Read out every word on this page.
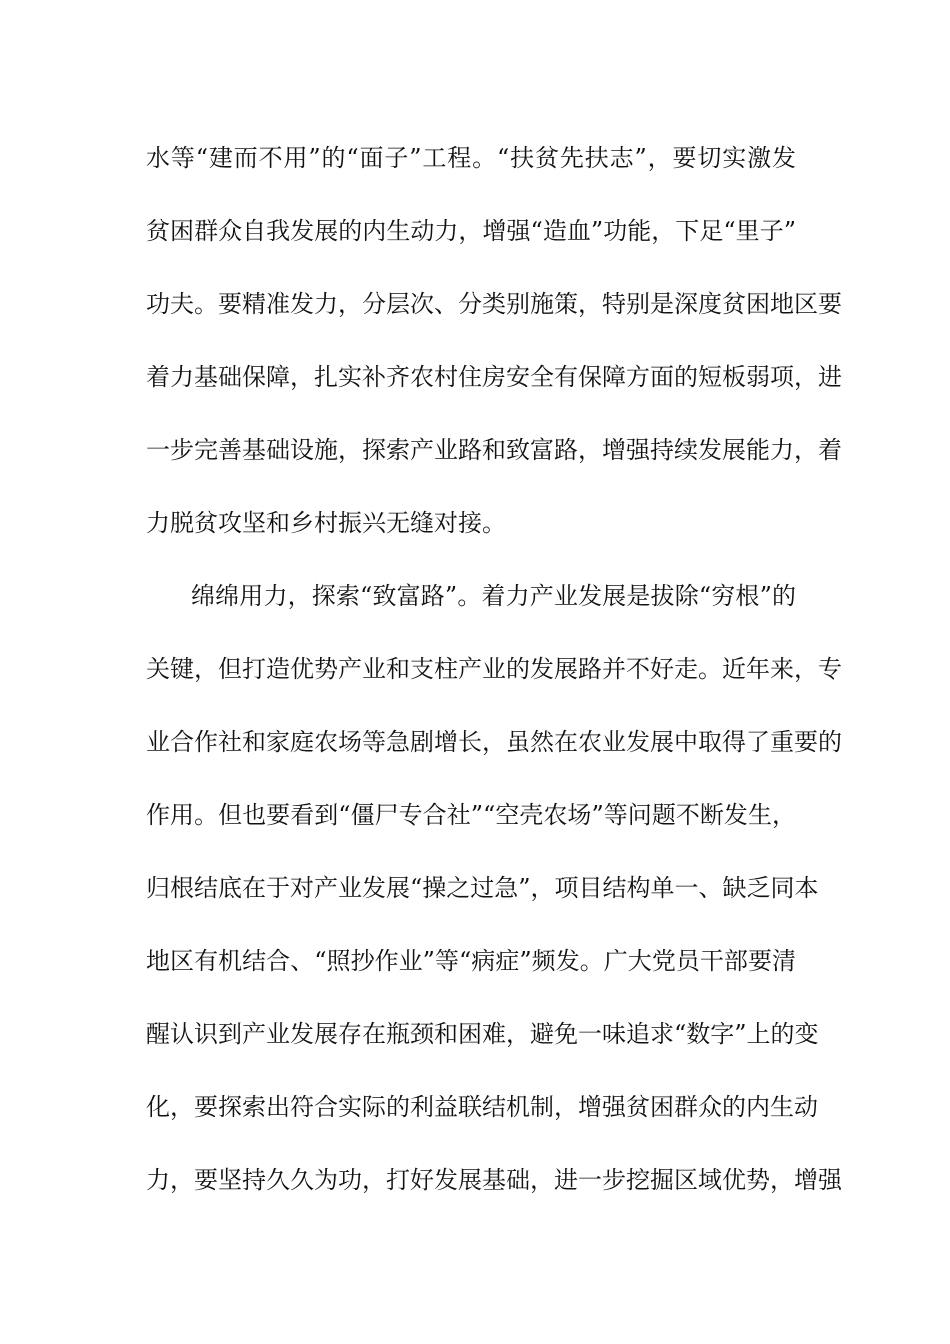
水等“建而不用”的“面子”工程。“扶贫先扶志”，要切实激发
贫困群众自我发展的内生动力，增强“造血”功能，下足“里子”
功夫。要精准发力，分层次、分类别施策，特别是深度贫困地区要
着力基础保障，扎实补齐农村住房安全有保障方面的短板弱项，进
一步完善基础设施，探索产业路和致富路，增强持续发展能力，着
力脱贫攻坚和乡村振兴无缝对接。
绵绵用力，探索“致富路”。着力产业发展是拔除“穷根”的
关键，但打造优势产业和支柱产业的发展路并不好走。近年来，专
业合作社和家庭农场等急剧增长，虽然在农业发展中取得了重要的
作用。但也要看到“僵尸专合社”“空壳农场”等问题不断发生，
归根结底在于对产业发展“操之过急”，项目结构单一、缺乏同本
地区有机结合、“照抄作业”等“病症”频发。广大党员干部要清
醒认识到产业发展存在瓶颈和困难，避免一味追求“数字”上的变
化，要探索出符合实际的利益联结机制，增强贫困群众的内生动
力，要坚持久久为功，打好发展基础，进一步挖掘区域优势，增强
